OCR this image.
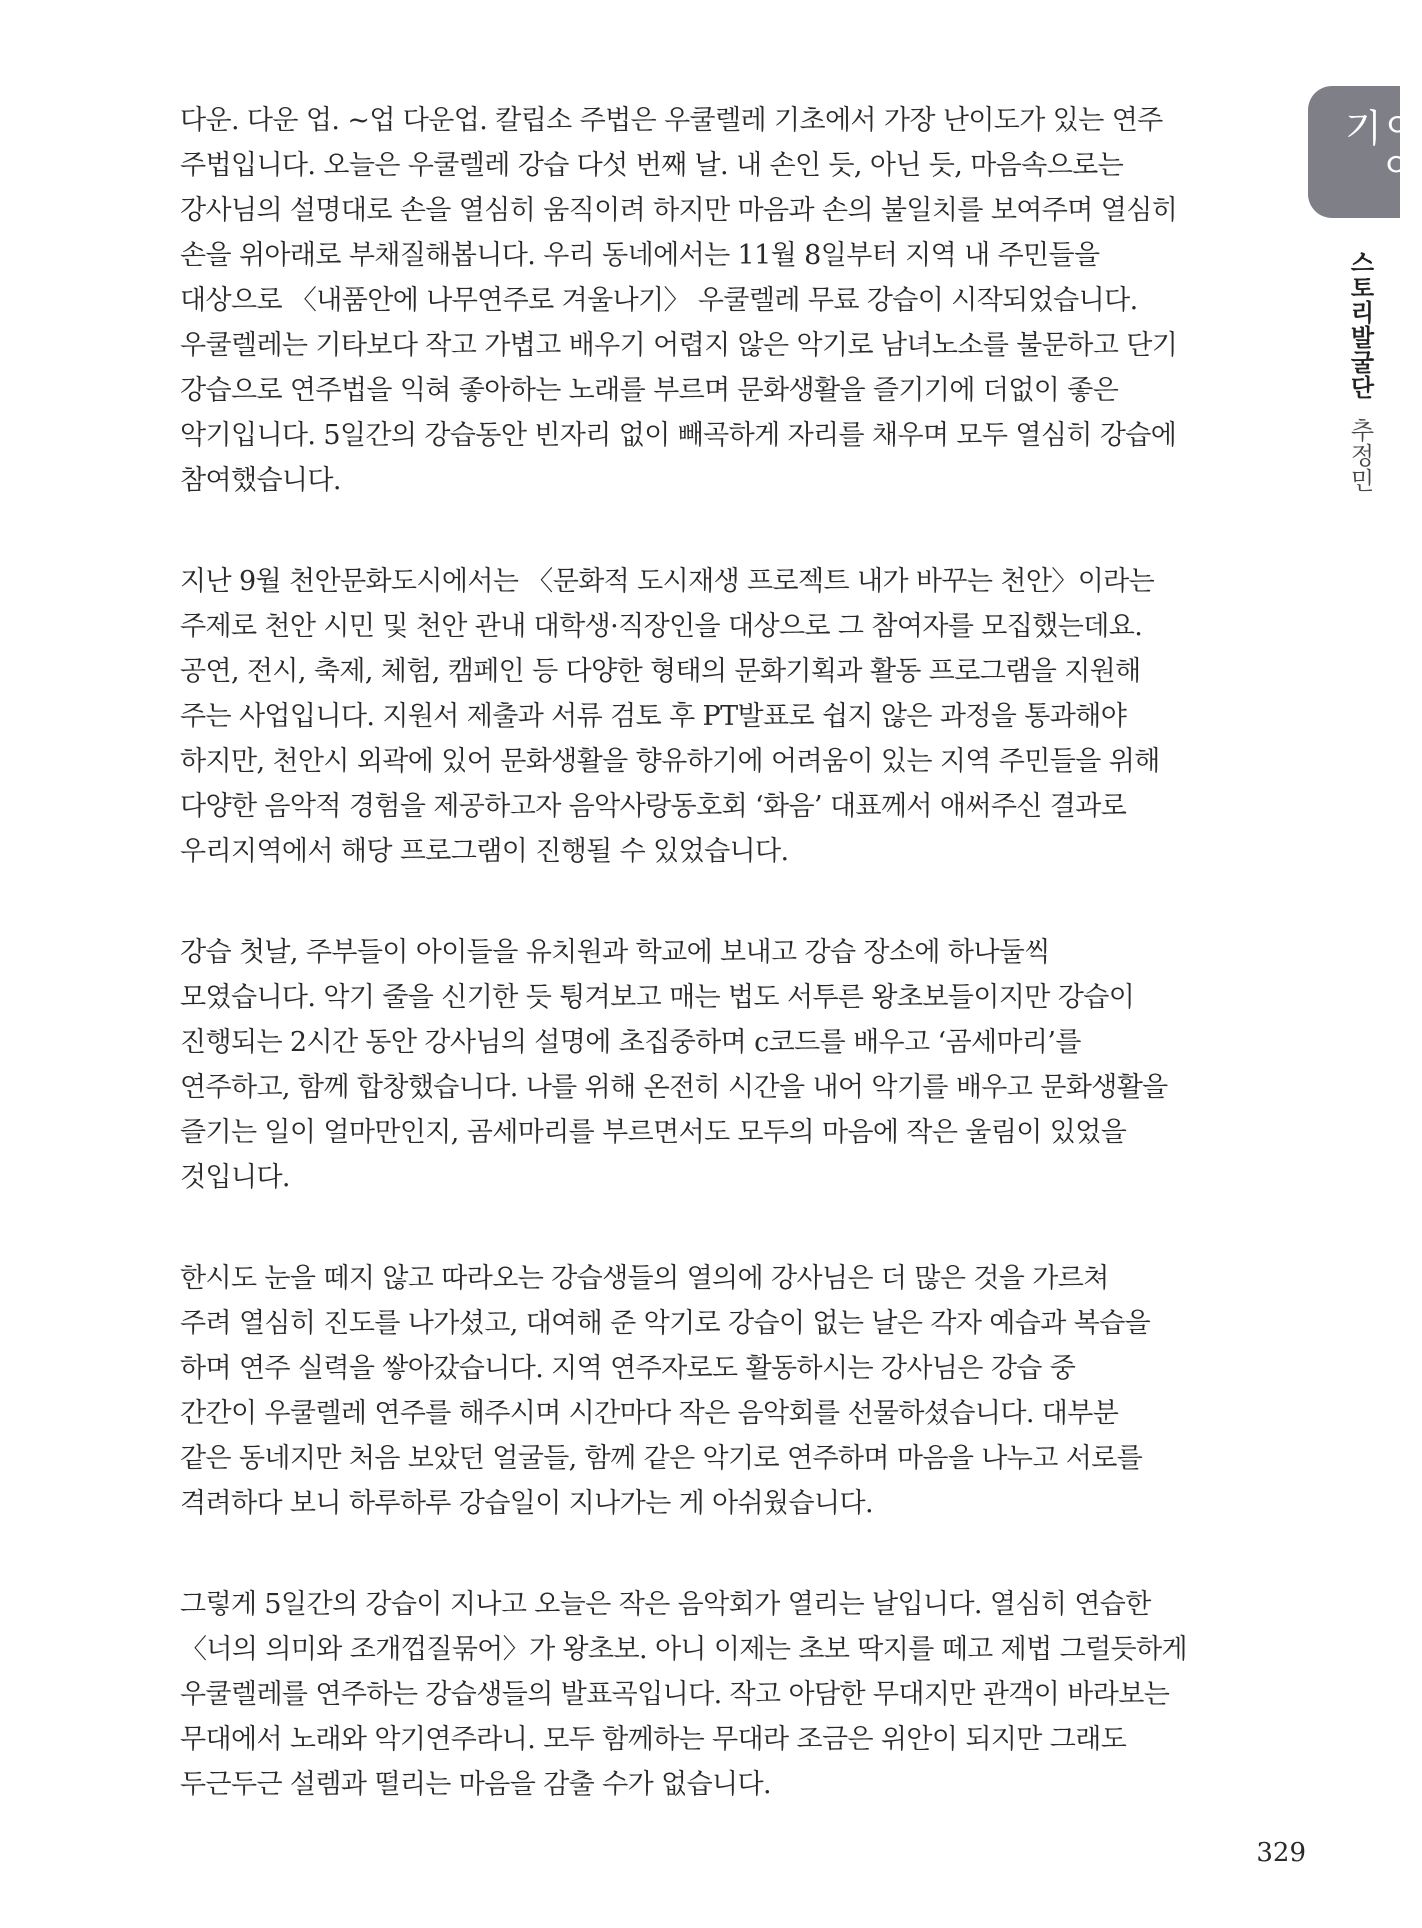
이야기
스토리발굴단
추정민
다운. 다운 업. ~업 다운업. 칼립소 주법은 우쿨렐레 기초에서 가장 난이도가 있는 연주
주법입니다. 오늘은 우쿨렐레 강습 다섯 번째 날. 내 손인 듯, 아닌 듯, 마음속으로는
강사님의 설명대로 손을 열심히 움직이려 하지만 마음과 손의 불일치를 보여주며 열심히
손을 위아래로 부채질해봅니다. 우리 동네에서는 11월 8일부터 지역 내 주민들을
대상으로 〈내품안에 나무연주로 겨울나기〉 우쿨렐레 무료 강습이 시작되었습니다.
우쿨렐레는 기타보다 작고 가볍고 배우기 어렵지 않은 악기로 남녀노소를 불문하고 단기
강습으로 연주법을 익혀 좋아하는 노래를 부르며 문화생활을 즐기기에 더없이 좋은
악기입니다. 5일간의 강습동안 빈자리 없이 빼곡하게 자리를 채우며 모두 열심히 강습에
참여했습니다.
지난 9월 천안문화도시에서는 〈문화적 도시재생 프로젝트 내가 바꾸는 천안〉이라는
주제로 천안 시민 및 천안 관내 대학생·직장인을 대상으로 그 참여자를 모집했는데요.
공연, 전시, 축제, 체험, 캠페인 등 다양한 형태의 문화기획과 활동 프로그램을 지원해
주는 사업입니다. 지원서 제출과 서류 검토 후 PT발표로 쉽지 않은 과정을 통과해야
하지만, 천안시 외곽에 있어 문화생활을 향유하기에 어려움이 있는 지역 주민들을 위해
다양한 음악적 경험을 제공하고자 음악사랑동호회 ‘화음’ 대표께서 애써주신 결과로
우리지역에서 해당 프로그램이 진행될 수 있었습니다.
강습 첫날, 주부들이 아이들을 유치원과 학교에 보내고 강습 장소에 하나둘씩
모였습니다. 악기 줄을 신기한 듯 튕겨보고 매는 법도 서투른 왕초보들이지만 강습이
진행되는 2시간 동안 강사님의 설명에 초집중하며 c코드를 배우고 ‘곰세마리’를
연주하고, 함께 합창했습니다. 나를 위해 온전히 시간을 내어 악기를 배우고 문화생활을
즐기는 일이 얼마만인지, 곰세마리를 부르면서도 모두의 마음에 작은 울림이 있었을
것입니다.
한시도 눈을 떼지 않고 따라오는 강습생들의 열의에 강사님은 더 많은 것을 가르쳐
주려 열심히 진도를 나가셨고, 대여해 준 악기로 강습이 없는 날은 각자 예습과 복습을
하며 연주 실력을 쌓아갔습니다. 지역 연주자로도 활동하시는 강사님은 강습 중
간간이 우쿨렐레 연주를 해주시며 시간마다 작은 음악회를 선물하셨습니다. 대부분
같은 동네지만 처음 보았던 얼굴들, 함께 같은 악기로 연주하며 마음을 나누고 서로를
격려하다 보니 하루하루 강습일이 지나가는 게 아쉬웠습니다.
그렇게 5일간의 강습이 지나고 오늘은 작은 음악회가 열리는 날입니다. 열심히 연습한
〈너의 의미와 조개껍질묶어〉가 왕초보. 아니 이제는 초보 딱지를 떼고 제법 그럴듯하게
우쿨렐레를 연주하는 강습생들의 발표곡입니다. 작고 아담한 무대지만 관객이 바라보는
무대에서 노래와 악기연주라니. 모두 함께하는 무대라 조금은 위안이 되지만 그래도
두근두근 설렘과 떨리는 마음을 감출 수가 없습니다.
329
